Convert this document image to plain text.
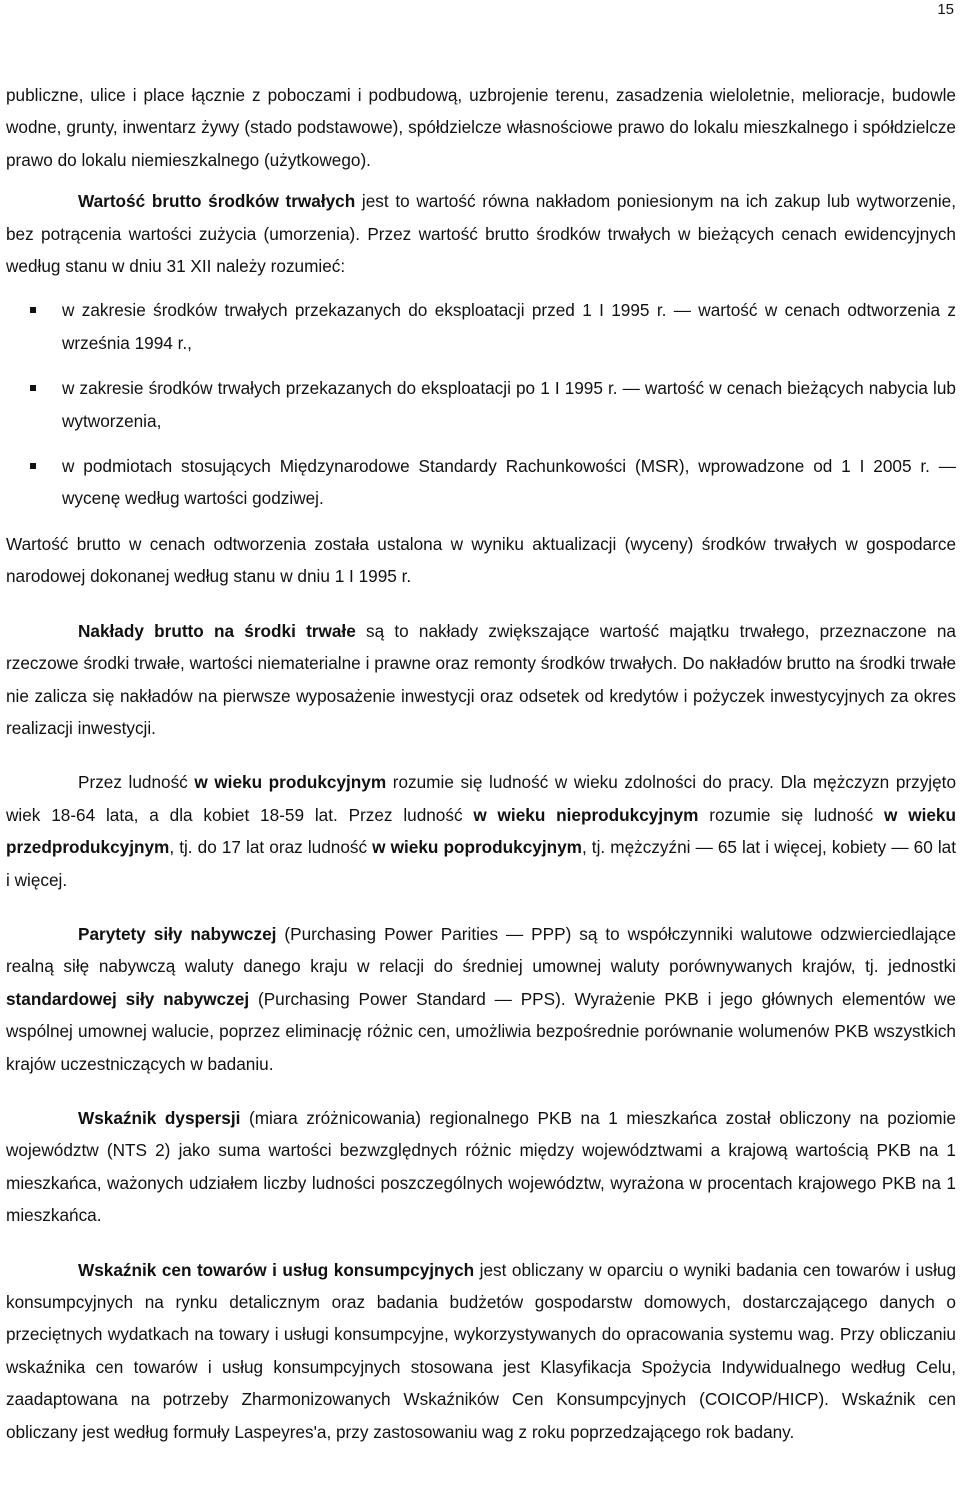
15

publiczne, ulice i place łącznie z poboczami i podbudową, uzbrojenie terenu, zasadzenia wieloletnie, melioracje, budowle wodne, grunty, inwentarz żywy (stado podstawowe), spółdzielcze własnościowe prawo do lokalu mieszkalnego i spółdzielcze prawo do lokalu niemieszkalnego (użytkowego).

Wartość brutto środków trwałych jest to wartość równa nakładom poniesionym na ich zakup lub wytworzenie, bez potrącenia wartości zużycia (umorzenia). Przez wartość brutto środków trwałych w bieżących cenach ewidencyjnych według stanu w dniu 31 XII należy rozumieć:

w zakresie środków trwałych przekazanych do eksploatacji przed 1 I 1995 r. ― wartość w cenach odtworzenia z września 1994 r.,
w zakresie środków trwałych przekazanych do eksploatacji po 1 I 1995 r. ― wartość w cenach bieżących nabycia lub wytworzenia,
w podmiotach stosujących Międzynarodowe Standardy Rachunkowości (MSR), wprowadzone od 1 I 2005 r. ― wycenę według wartości godziwej.

Wartość brutto w cenach odtworzenia została ustalona w wyniku aktualizacji (wyceny) środków trwałych w gospodarce narodowej dokonanej według stanu w dniu 1 I 1995 r.

Nakłady brutto na środki trwałe są to nakłady zwiększające wartość majątku trwałego, przeznaczone na rzeczowe środki trwałe, wartości niematerialne i prawne oraz remonty środków trwałych. Do nakładów brutto na środki trwałe nie zalicza się nakładów na pierwsze wyposażenie inwestycji oraz odsetek od kredytów i pożyczek inwestycyjnych za okres realizacji inwestycji.

Przez ludność w wieku produkcyjnym rozumie się ludność w wieku zdolności do pracy. Dla mężczyzn przyjęto wiek 18-64 lata, a dla kobiet 18-59 lat. Przez ludność w wieku nieprodukcyjnym rozumie się ludność w wieku przedprodukcyjnym, tj. do 17 lat oraz ludność w wieku poprodukcyjnym, tj. mężczyźni ― 65 lat i więcej, kobiety ― 60 lat i więcej.

Parytety siły nabywczej (Purchasing Power Parities ― PPP) są to współczynniki walutowe odzwierciedlające realną siłę nabywczą waluty danego kraju w relacji do średniej umownej waluty porównywanych krajów, tj. jednostki standardowej siły nabywczej (Purchasing Power Standard ― PPS). Wyrażenie PKB i jego głównych elementów we wspólnej umownej walucie, poprzez eliminację różnic cen, umożliwia bezpośrednie porównanie wolumenów PKB wszystkich krajów uczestniczących w badaniu.

Wskaźnik dyspersji (miara zróżnicowania) regionalnego PKB na 1 mieszkańca został obliczony na poziomie województw (NTS 2) jako suma wartości bezwzględnych różnic między województwami a krajową wartością PKB na 1 mieszkańca, ważonych udziałem liczby ludności poszczególnych województw, wyrażona w procentach krajowego PKB na 1 mieszkańca.

Wskaźnik cen towarów i usług konsumpcyjnych jest obliczany w oparciu o wyniki badania cen towarów i usług konsumpcyjnych na rynku detalicznym oraz badania budżetów gospodarstw domowych, dostarczającego danych o przeciętnych wydatkach na towary i usługi konsumpcyjne, wykorzystywanych do opracowania systemu wag. Przy obliczaniu wskaźnika cen towarów i usług konsumpcyjnych stosowana jest Klasyfikacja Spożycia Indywidualnego według Celu, zaadaptowana na potrzeby Zharmonizowanych Wskaźników Cen Konsumpcyjnych (COICOP/HICP). Wskaźnik cen obliczany jest według formuły Laspeyres'a, przy zastosowaniu wag z roku poprzedzającego rok badany.
